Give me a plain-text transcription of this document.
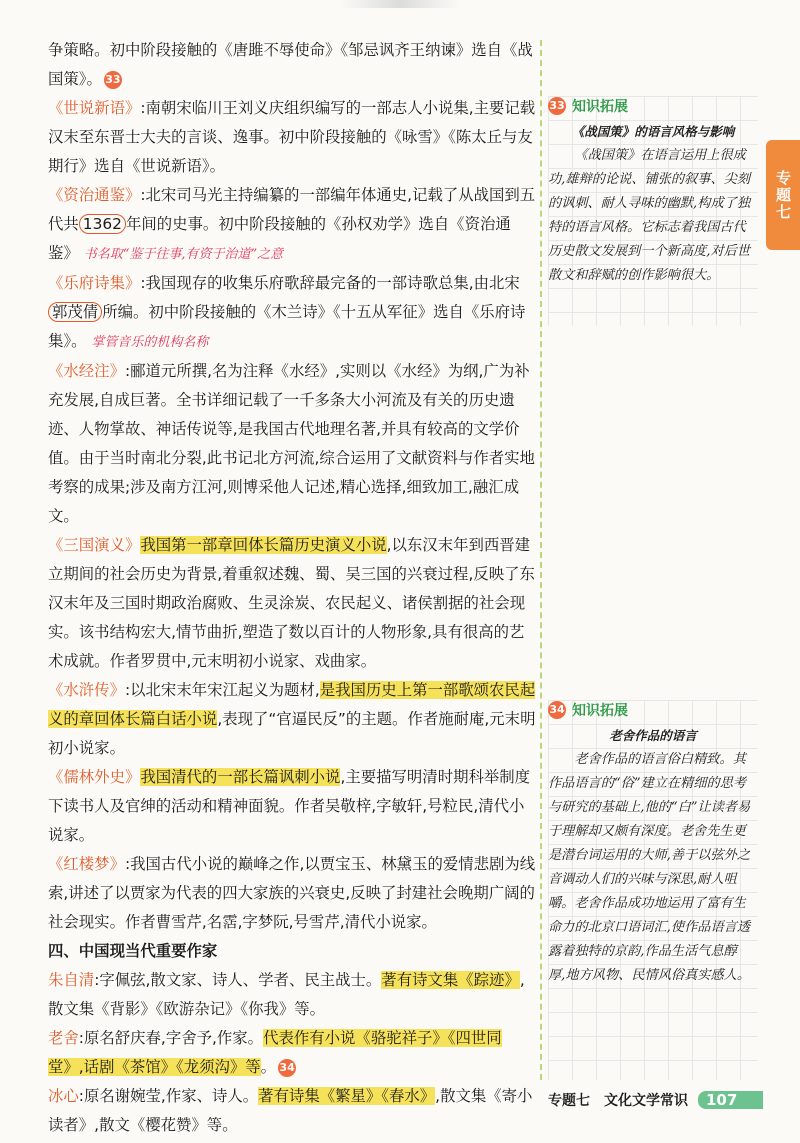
争策略。初中阶段接触的《唐雎不辱使命》《邹忌讽齐王纳谏》选自《战国策》。 33

《世说新语》:南朝宋临川王刘义庆组织编写的一部志人小说集,主要记载汉末至东晋士大夫的言谈、逸事。初中阶段接触的《咏雪》《陈太丘与友期行》选自《世说新语》。

《资治通鉴》:北宋司马光主持编纂的一部编年体通史,记载了从战国到五代共 1362 年间的史事。初中阶段接触的《孙权劝学》选自《资治通鉴》 书名取“鉴于往事,有资于治道”之意

《乐府诗集》:我国现存的收集乐府歌辞最完备的一部诗歌总集,由北宋郭茂倩 所编。初中阶段接触的《木兰诗》《十五从军征》选自《乐府诗集》。 掌管音乐的机构名称

《水经注》:郦道元所撰,名为注释《水经》,实则以《水经》为纲,广为补充发展,自成巨著。全书详细记载了一千多条大小河流及有关的历史遗迹、人物掌故、神话传说等,是我国古代地理名著,并具有较高的文学价值。由于当时南北分裂,此书记北方河流,综合运用了文献资料与作者实地考察的成果;涉及南方江河,则博采他人记述,精心选择,细致加工,融汇成文。

《三国演义》我国第一部章回体长篇历史演义小说,以东汉末年到西晋建立期间的社会历史为背景,着重叙述魏、蜀、吴三国的兴衰过程,反映了东汉末年及三国时期政治腐败、生灵涂炭、农民起义、诸侯割据的社会现实。该书结构宏大,情节曲折,塑造了数以百计的人物形象,具有很高的艺术成就。作者罗贯中,元末明初小说家、戏曲家。

《水浒传》:以北宋末年宋江起义为题材,是我国历史上第一部歌颂农民起义的章回体长篇白话小说,表现了“官逼民反”的主题。作者施耐庵,元末明初小说家。

《儒林外史》我国清代的一部长篇讽刺小说,主要描写明清时期科举制度下读书人及官绅的活动和精神面貌。作者吴敬梓,字敏轩,号粒民,清代小说家。

《红楼梦》:我国古代小说的巅峰之作,以贾宝玉、林黛玉的爱情悲剧为线索,讲述了以贾家为代表的四大家族的兴衰史,反映了封建社会晚期广阔的社会现实。作者曹雪芹,名霑,字梦阮,号雪芹,清代小说家。

四、中国现当代重要作家

朱自清:字佩弦,散文家、诗人、学者、民主战士。著有诗文集《踪迹》,散文集《背影》《欧游杂记》《你我》等。

老舍:原名舒庆春,字舍予,作家。代表作有小说《骆驼祥子》《四世同堂》,话剧《茶馆》《龙须沟》等。 34

冰心:原名谢婉莹,作家、诗人。著有诗集《繁星》《春水》,散文集《寄小读者》,散文《樱花赞》等。

33 知识拓展
《战国策》的语言风格与影响

《战国策》在语言运用上很成功,雄辩的论说、铺张的叙事、尖刻的讽刺、耐人寻味的幽默,构成了独特的语言风格。它标志着我国古代历史散文发展到一个新高度,对后世散文和辞赋的创作影响很大。

34 知识拓展
老舍作品的语言

老舍作品的语言俗白精致。其作品语言的“俗”建立在精细的思考与研究的基础上,他的“白”让读者易于理解却又颇有深度。老舍先生更是潜台词运用的大师,善于以弦外之音调动人们的兴味与深思,耐人咀嚼。老舍作品成功地运用了富有生命力的北京口语词汇,使作品语言透露着独特的京韵,作品生活气息醇厚,地方风物、民情风俗真实感人。

专题七
专题七　文化文学常识	107
